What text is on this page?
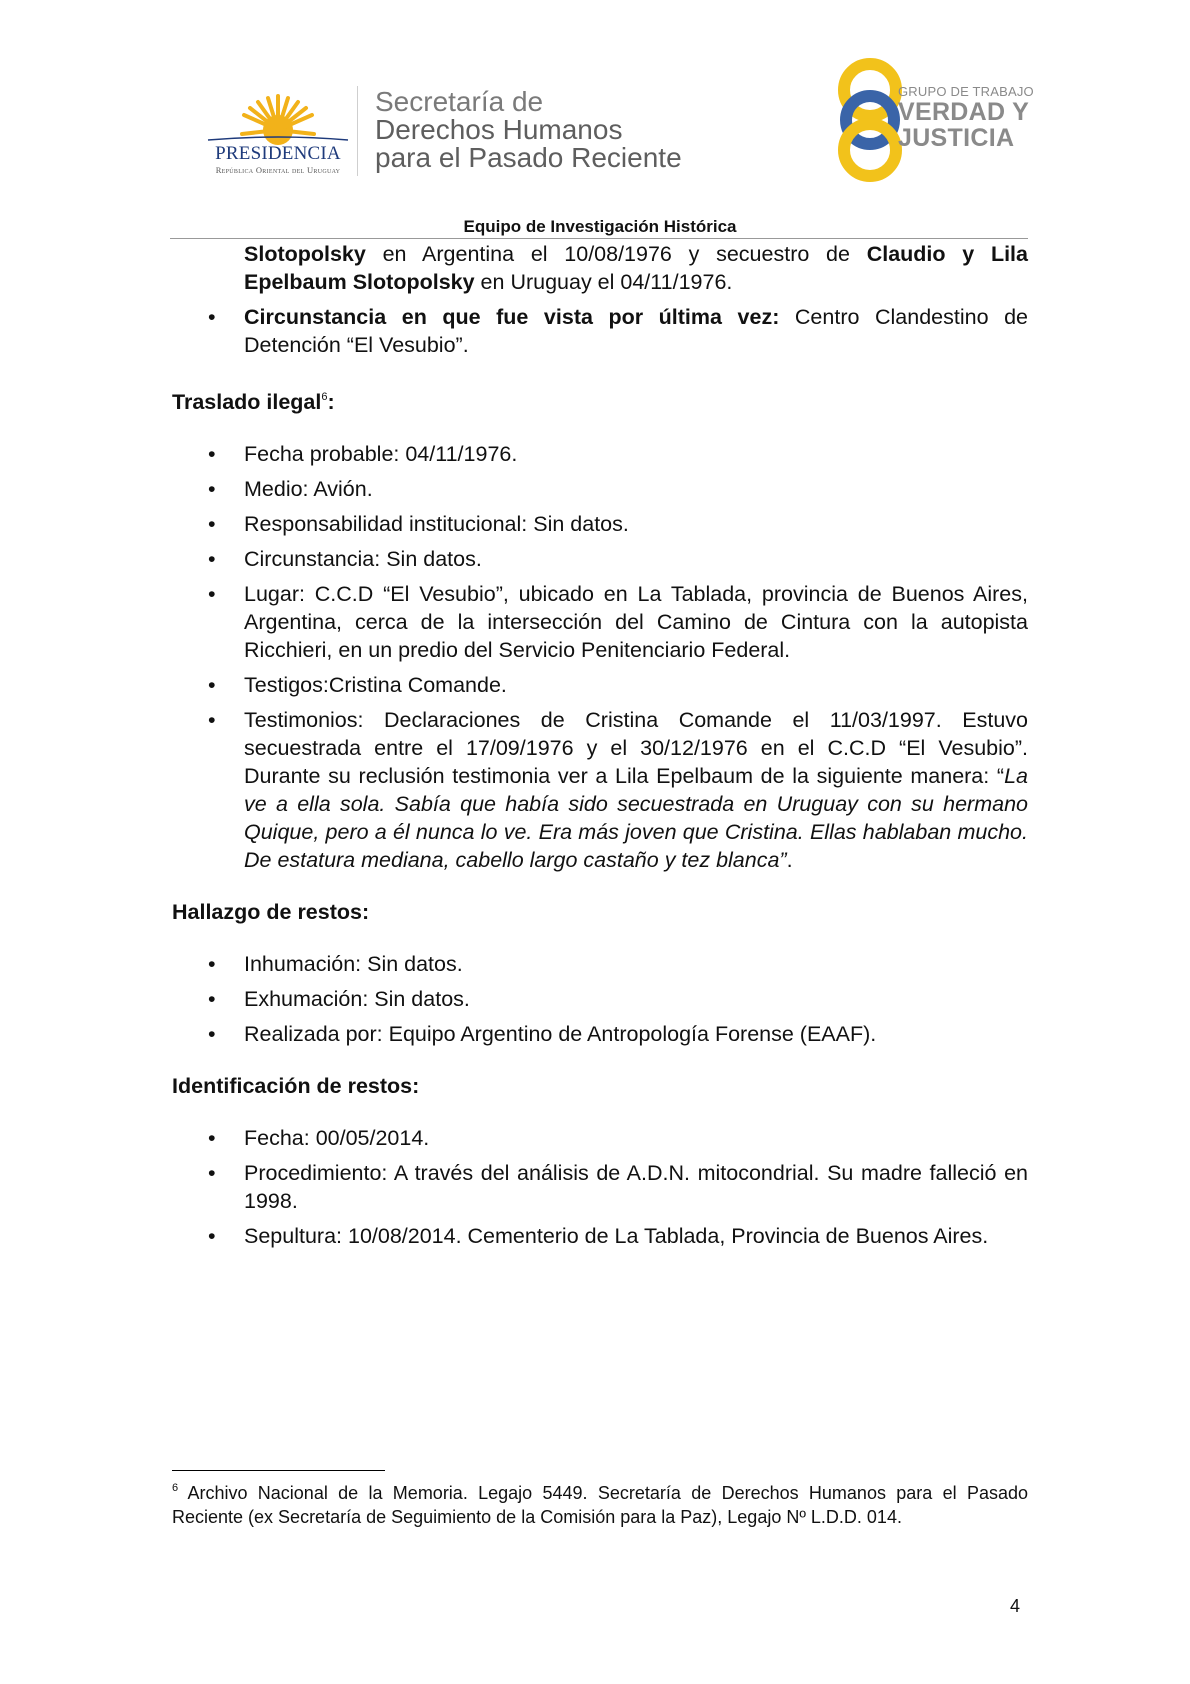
PRESIDENCIA
República Oriental del Uruguay
Secretaría de
Derechos Humanos
para el Pasado Reciente
GRUPO DE TRABAJO
VERDAD Y
JUSTICIA
Equipo de Investigación Histórica
Slotopolsky en Argentina el 10/08/1976 y secuestro de Claudio y Lila Epelbaum Slotopolsky en Uruguay el 04/11/1976.
• Circunstancia en que fue vista por última vez: Centro Clandestino de Detención “El Vesubio”.
Traslado ilegal$^6$:
• Fecha probable: 04/11/1976.
• Medio: Avión.
• Responsabilidad institucional: Sin datos.
• Circunstancia: Sin datos.
• Lugar: C.C.D “El Vesubio”, ubicado en La Tablada, provincia de Buenos Aires, Argentina, cerca de la intersección del Camino de Cintura con la autopista Ricchieri, en un predio del Servicio Penitenciario Federal.
• Testigos:Cristina Comande.
• Testimonios: Declaraciones de Cristina Comande el 11/03/1997. Estuvo secuestrada entre el 17/09/1976 y el 30/12/1976 en el C.C.D “El Vesubio”. Durante su reclusión testimonia ver a Lila Epelbaum de la siguiente manera: “La ve a ella sola. Sabía que había sido secuestrada en Uruguay con su hermano Quique, pero a él nunca lo ve. Era más joven que Cristina. Ellas hablaban mucho. De estatura mediana, cabello largo castaño y tez blanca”.
Hallazgo de restos:
• Inhumación: Sin datos.
• Exhumación: Sin datos.
• Realizada por: Equipo Argentino de Antropología Forense (EAAF).
Identificación de restos:
• Fecha: 00/05/2014.
• Procedimiento: A través del análisis de A.D.N. mitocondrial. Su madre falleció en 1998.
• Sepultura: 10/08/2014. Cementerio de La Tablada, Provincia de Buenos Aires.
$^6$ Archivo Nacional de la Memoria. Legajo 5449. Secretaría de Derechos Humanos para el Pasado Reciente (ex Secretaría de Seguimiento de la Comisión para la Paz), Legajo Nº L.D.D. 014.
4
